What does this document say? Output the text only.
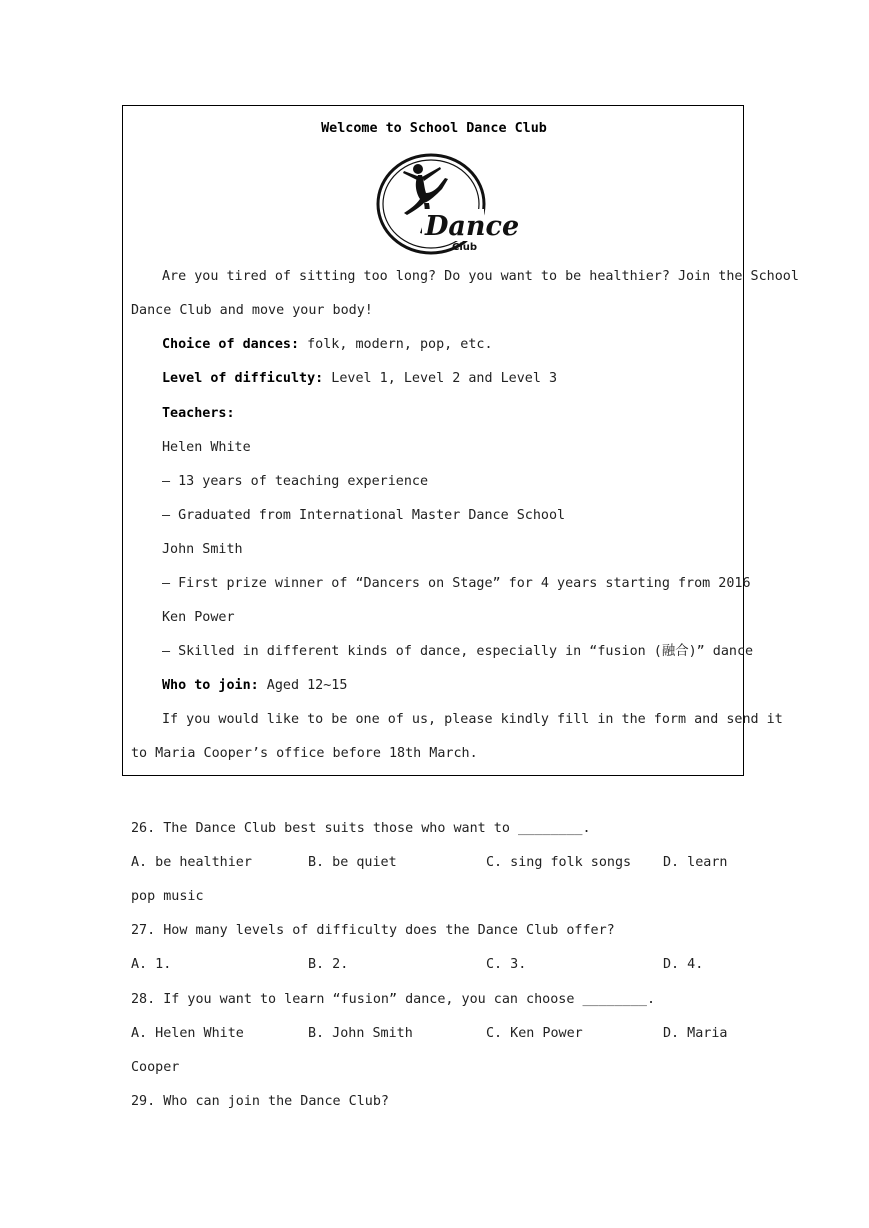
Welcome to School Dance Club
Dance
Club
Are you tired of sitting too long? Do you want to be healthier? Join the School
Dance Club and move your body!
Choice of dances: folk, modern, pop, etc.
Level of difficulty: Level 1, Level 2 and Level 3
Teachers:
Helen White
— 13 years of teaching experience
— Graduated from International Master Dance School
John Smith
— First prize winner of “Dancers on Stage” for 4 years starting from 2016
Ken Power
— Skilled in different kinds of dance, especially in “fusion (融合)” dance
Who to join: Aged 12~15
If you would like to be one of us, please kindly fill in the form and send it
to Maria Cooper’s office before 18th March.
26. The Dance Club best suits those who want to ________.
A. be healthier	B. be quiet	C. sing folk songs D. learn
pop music
27. How many levels of difficulty does the Dance Club offer?
A. 1.	B. 2.	C. 3.	D. 4.
28. If you want to learn “fusion” dance, you can choose ________.
A. Helen White	B. John Smith	C. Ken Power	D. Maria
Cooper
29. Who can join the Dance Club?
